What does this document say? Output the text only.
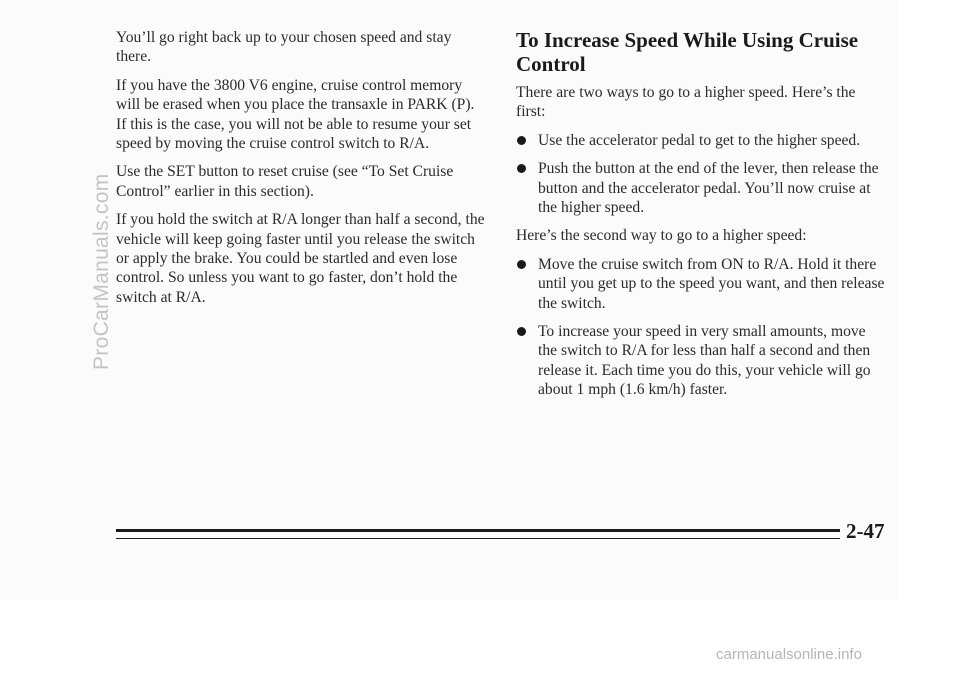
You’ll go right back up to your chosen speed and stay there.

If you have the 3800 V6 engine, cruise control memory will be erased when you place the transaxle in PARK (P). If this is the case, you will not be able to resume your set speed by moving the cruise control switch to R/A.

Use the SET button to reset cruise (see “To Set Cruise Control” earlier in this section).

If you hold the switch at R/A longer than half a second, the vehicle will keep going faster until you release the switch or apply the brake. You could be startled and even lose control. So unless you want to go faster, don’t hold the switch at R/A.

To Increase Speed While Using Cruise Control

There are two ways to go to a higher speed. Here’s the first:

Use the accelerator pedal to get to the higher speed.
Push the button at the end of the lever, then release the button and the accelerator pedal. You’ll now cruise at the higher speed.

Here’s the second way to go to a higher speed:

Move the cruise switch from ON to R/A. Hold it there until you get up to the speed you want, and then release the switch.
To increase your speed in very small amounts, move the switch to R/A for less than half a second and then release it. Each time you do this, your vehicle will go about 1 mph (1.6 km/h) faster.
2-47
ProCarManuals.com
carmanualsonline.info
